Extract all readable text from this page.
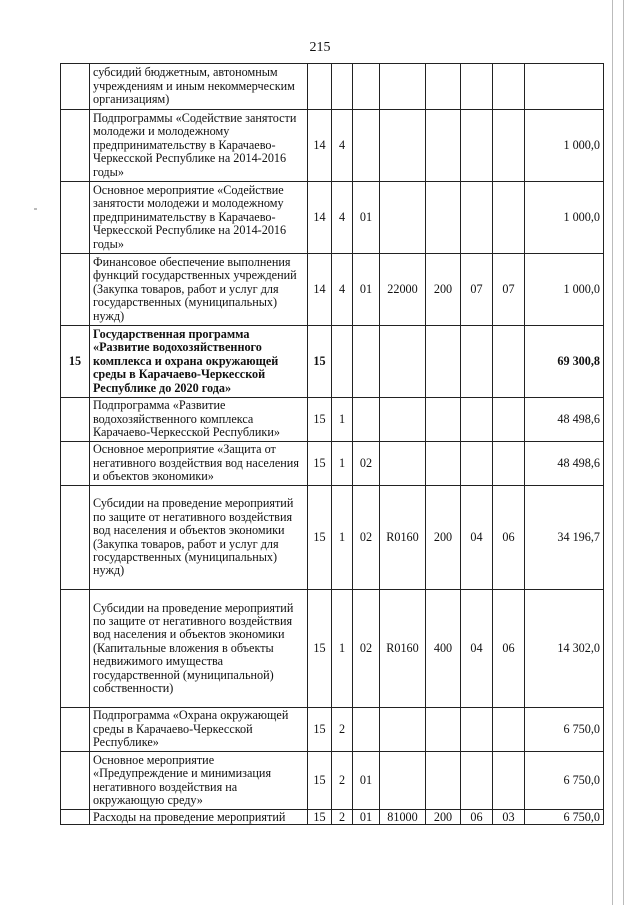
215
	субсидий бюджетным, автономным учреждениям и иным некоммерческим организациям)								
	Подпрограммы «Содействие занятости молодежи и молодежному предпринимательству в Карачаево-Черкесской Республике на 2014-2016 годы»	14	4						1 000,0
	Основное мероприятие «Содействие занятости молодежи и молодежному предпринимательству в Карачаево-Черкесской Республике на 2014-2016 годы»	14	4	01					1 000,0
	Финансовое обеспечение выполнения функций государственных учреждений (Закупка товаров, работ и услуг для государственных (муниципальных) нужд)	14	4	01	22000	200	07	07	1 000,0
15	Государственная программа «Развитие водохозяйственного комплекса и охрана окружающей среды в Карачаево-Черкесской Республике до 2020 года»	15							69 300,8
	Подпрограмма «Развитие водохозяйственного комплекса Карачаево-Черкесской Республики»	15	1						48 498,6
	Основное мероприятие «Защита от негативного воздействия вод населения и объектов экономики»	15	1	02					48 498,6
	Субсидии на проведение мероприятий по защите от негативного воздействия вод населения и объектов экономики (Закупка товаров, работ и услуг для государственных (муниципальных) нужд)	15	1	02	R0160	200	04	06	34 196,7
	Субсидии на проведение мероприятий по защите от негативного воздействия вод населения и объектов экономики (Капитальные вложения в объекты недвижимого имущества государственной (муниципальной) собственности)	15	1	02	R0160	400	04	06	14 302,0
	Подпрограмма «Охрана окружающей среды в Карачаево-Черкесской Республике»	15	2						6 750,0
	Основное мероприятие «Предупреждение и минимизация негативного воздействия на окружающую среду»	15	2	01					6 750,0
	Расходы на проведение мероприятий	15	2	01	81000	200	06	03	6 750,0
